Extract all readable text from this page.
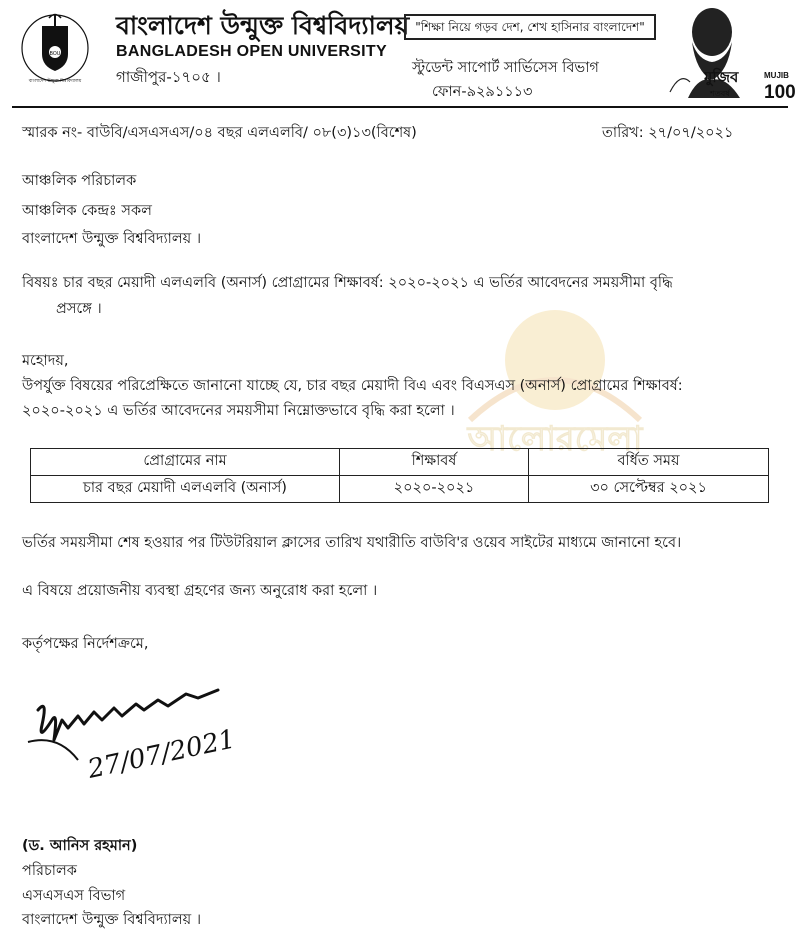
BOU
বাংলাদেশ উন্মুক্ত বিশ্ববিদ্যালয়
বাংলাদেশ উন্মুক্ত বিশ্ববিদ্যালয়
BANGLADESH OPEN UNIVERSITY
গাজীপুর-১৭০৫ ।
"শিক্ষা নিয়ে গড়ব দেশ, শেখ হাসিনার বাংলাদেশ"
স্টুডেন্ট সাপোর্ট সার্ভিসেস বিভাগ
ফোন-৯২৯১১১৩
মুজিব
শতবর্ষ
MUJIB
100
আলোরমেলা
স্মারক নং- বাউবি/এসএসএস/০৪ বছর এলএলবি/ ০৮(৩)১৩(বিশেষ)	তারিখ: ২৭/০৭/২০২১
আঞ্চলিক পরিচালক
আঞ্চলিক কেন্দ্রঃ সকল
বাংলাদেশ উন্মুক্ত বিশ্ববিদ্যালয় ।
বিষয়ঃ চার বছর মেয়াদী এলএলবি (অনার্স) প্রোগ্রামের শিক্ষাবর্ষ: ২০২০-২০২১ এ ভর্তির আবেদনের সময়সীমা বৃদ্ধি
প্রসঙ্গে ।
মহোদয়,
উপর্যুক্ত বিষয়ের পরিপ্রেক্ষিতে জানানো যাচ্ছে যে, চার বছর মেয়াদী বিএ এবং বিএসএস (অনার্স) প্রোগ্রামের শিক্ষাবর্ষ:
২০২০-২০২১ এ ভর্তির আবেদনের সময়সীমা নিম্নোক্তভাবে বৃদ্ধি করা হলো ।
প্রোগ্রামের নাম	শিক্ষাবর্ষ	বর্ধিত সময়
চার বছর মেয়াদী এলএলবি (অনার্স)	২০২০-২০২১	৩০ সেপ্টেম্বর ২০২১
ভর্তির সময়সীমা শেষ হওয়ার পর টিউটরিয়াল ক্লাসের তারিখ যথারীতি বাউবি'র ওয়েব সাইটের মাধ্যমে জানানো হবে।
এ বিষয়ে প্রয়োজনীয় ব্যবস্থা গ্রহণের জন্য অনুরোধ করা হলো ।
কর্তৃপক্ষের নির্দেশক্রমে,
27/07/2021
(ড. আনিস রহমান)
পরিচালক
এসএসএস বিভাগ
বাংলাদেশ উন্মুক্ত বিশ্ববিদ্যালয় ।
